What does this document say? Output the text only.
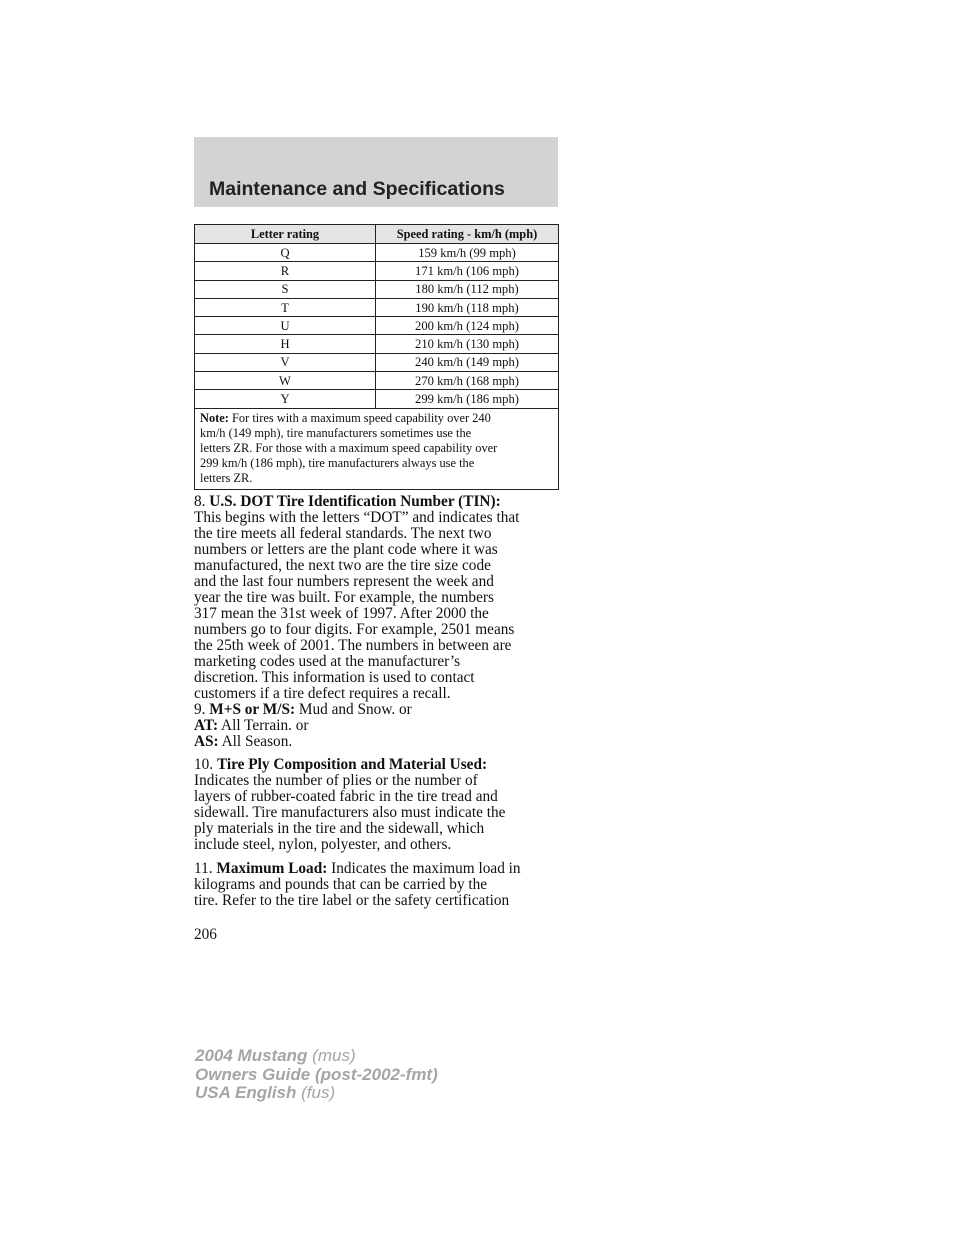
Maintenance and Specifications
Letter rating	Speed rating - km/h (mph)
Q	159 km/h (99 mph)
R	171 km/h (106 mph)
S	180 km/h (112 mph)
T	190 km/h (118 mph)
U	200 km/h (124 mph)
H	210 km/h (130 mph)
V	240 km/h (149 mph)
W	270 km/h (168 mph)
Y	299 km/h (186 mph)
Note: For tires with a maximum speed capability over 240
km/h (149 mph), tire manufacturers sometimes use the
letters ZR. For those with a maximum speed capability over
299 km/h (186 mph), tire manufacturers always use the
letters ZR.	
8. U.S. DOT Tire Identification Number (TIN):
This begins with the letters “DOT” and indicates that
the tire meets all federal standards. The next two
numbers or letters are the plant code where it was
manufactured, the next two are the tire size code
and the last four numbers represent the week and
year the tire was built. For example, the numbers
317 mean the 31st week of 1997. After 2000 the
numbers go to four digits. For example, 2501 means
the 25th week of 2001. The numbers in between are
marketing codes used at the manufacturer’s
discretion. This information is used to contact
customers if a tire defect requires a recall.
9. M+S or M/S: Mud and Snow. or
AT: All Terrain. or
AS: All Season.
10. Tire Ply Composition and Material Used:
Indicates the number of plies or the number of
layers of rubber-coated fabric in the tire tread and
sidewall. Tire manufacturers also must indicate the
ply materials in the tire and the sidewall, which
include steel, nylon, polyester, and others.
11. Maximum Load: Indicates the maximum load in
kilograms and pounds that can be carried by the
tire. Refer to the tire label or the safety certification
206
2004 Mustang (mus)
Owners Guide (post-2002-fmt)
USA English (fus)
